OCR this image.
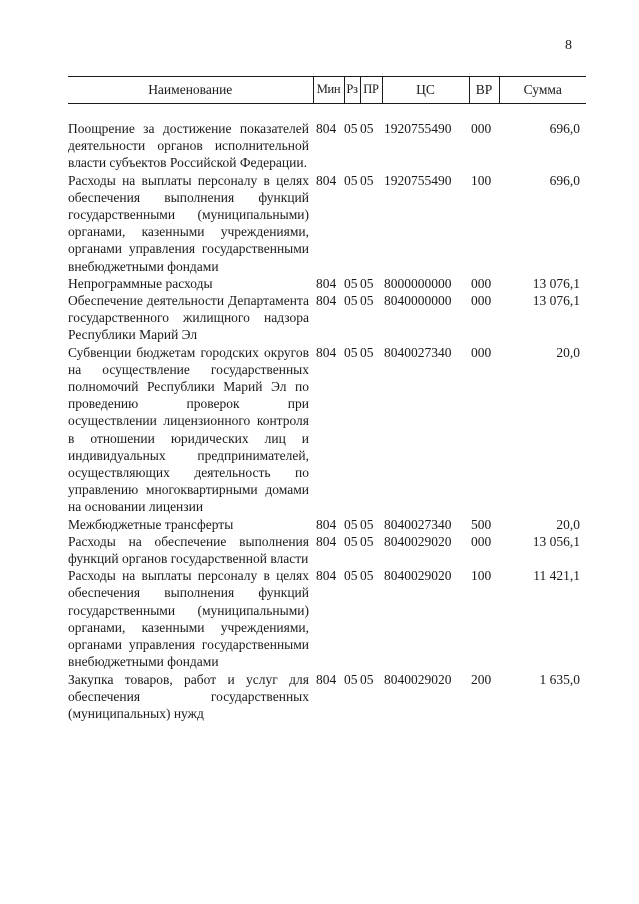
8
Наименование	Мин	Рз	ПР	ЦС	ВР	Сумма

Поощрение за достижение показателей деятельности органов исполнительной власти субъектов Российской Федерации.	804	05	05	1920755490	000	696,0
Расходы на выплаты персоналу в целях обеспечения выполнения функций государственными (муниципальными) органами, казенными учреждениями, органами управления государственными внебюджетными фондами	804	05	05	1920755490	100	696,0
Непрограммные расходы	804	05	05	8000000000	000	13 076,1
Обеспечение деятельности Департамента государственного жилищного надзора Республики Марий Эл	804	05	05	8040000000	000	13 076,1
Субвенции бюджетам городских округов на осуществление государственных полномочий Республики Марий Эл по проведению проверок при осуществлении лицензионного контроля в отношении юридических лиц и индивидуальных предпринимателей, осуществляющих деятельность по управлению многоквартирными домами на основании лицензии	804	05	05	8040027340	000	20,0
Межбюджетные трансферты	804	05	05	8040027340	500	20,0
Расходы на обеспечение выполнения функций органов государственной власти	804	05	05	8040029020	000	13 056,1
Расходы на выплаты персоналу в целях обеспечения выполнения функций государственными (муниципальными) органами, казенными учреждениями, органами управления государственными внебюджетными фондами	804	05	05	8040029020	100	11 421,1
Закупка товаров, работ и услуг для обеспечения государственных (муниципальных) нужд	804	05	05	8040029020	200	1 635,0
